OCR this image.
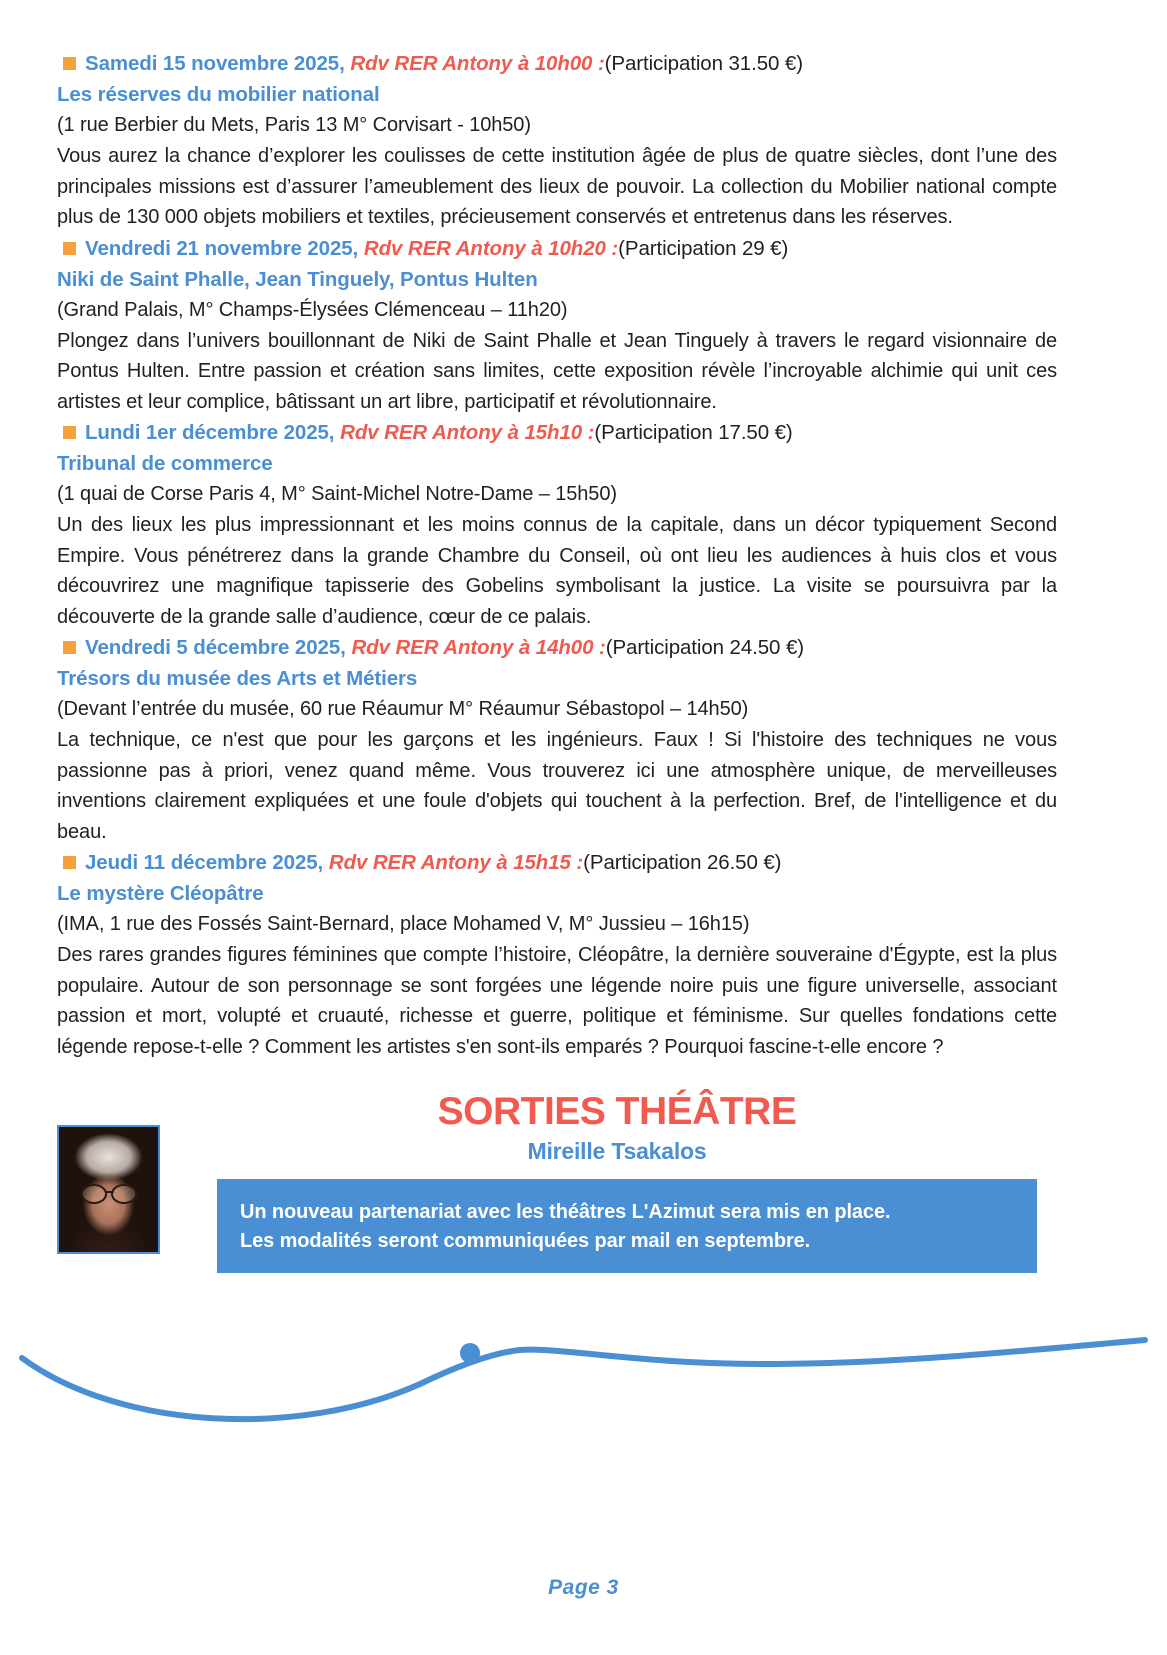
Samedi 15 novembre 2025, Rdv RER Antony à 10h00 :(Participation 31.50 €)

Les réserves du mobilier national

(1 rue Berbier du Mets, Paris 13 M° Corvisart - 10h50)

Vous aurez la chance d’explorer les coulisses de cette institution âgée de plus de quatre siècles, dont l’une des principales missions est d’assurer l’ameublement des lieux de pouvoir. La collection du Mobilier national compte plus de 130 000 objets mobiliers et textiles, précieusement conservés et entretenus dans les réserves.

Vendredi 21 novembre 2025, Rdv RER Antony à 10h20 :(Participation 29 €)

Niki de Saint Phalle, Jean Tinguely, Pontus Hulten

(Grand Palais, M° Champs-Élysées Clémenceau – 11h20)

Plongez dans l’univers bouillonnant de Niki de Saint Phalle et Jean Tinguely à travers le regard visionnaire de Pontus Hulten. Entre passion et création sans limites, cette exposition révèle l’incroyable alchimie qui unit ces artistes et leur complice, bâtissant un art libre, participatif et révolutionnaire.

Lundi 1er décembre 2025, Rdv RER Antony à 15h10 :(Participation 17.50 €)

Tribunal de commerce

(1 quai de Corse Paris 4, M° Saint-Michel Notre-Dame – 15h50)

Un des lieux les plus impressionnant et les moins connus de la capitale, dans un décor typiquement Second Empire. Vous pénétrerez dans la grande Chambre du Conseil, où ont lieu les audiences à huis clos et vous découvrirez une magnifique tapisserie des Gobelins symbolisant la justice. La visite se poursuivra par la découverte de la grande salle d’audience, cœur de ce palais.

Vendredi 5 décembre 2025, Rdv RER Antony à 14h00 :(Participation 24.50 €)

Trésors du musée des Arts et Métiers

(Devant l’entrée du musée, 60 rue Réaumur M° Réaumur Sébastopol – 14h50)

La technique, ce n'est que pour les garçons et les ingénieurs. Faux ! Si l'histoire des techniques ne vous passionne pas à priori, venez quand même. Vous trouverez ici une atmosphère unique, de merveilleuses inventions clairement expliquées et une foule d'objets qui touchent à la perfection. Bref, de l'intelligence et du beau.

Jeudi 11 décembre 2025, Rdv RER Antony à 15h15 :(Participation 26.50 €)

Le mystère Cléopâtre

(IMA, 1 rue des Fossés Saint-Bernard, place Mohamed V, M° Jussieu – 16h15)

Des rares grandes figures féminines que compte l’histoire, Cléopâtre, la dernière souveraine d'Égypte, est la plus populaire. Autour de son personnage se sont forgées une légende noire puis une figure universelle, associant passion et mort, volupté et cruauté, richesse et guerre, politique et féminisme. Sur quelles fondations cette légende repose-t-elle ? Comment les artistes s'en sont-ils emparés ? Pourquoi fascine-t-elle encore ?

SORTIES THÉÂTRE
Mireille Tsakalos
Un nouveau partenariat avec les théâtres L'Azimut sera mis en place.
Les modalités seront communiquées par mail en septembre.
Page 3
